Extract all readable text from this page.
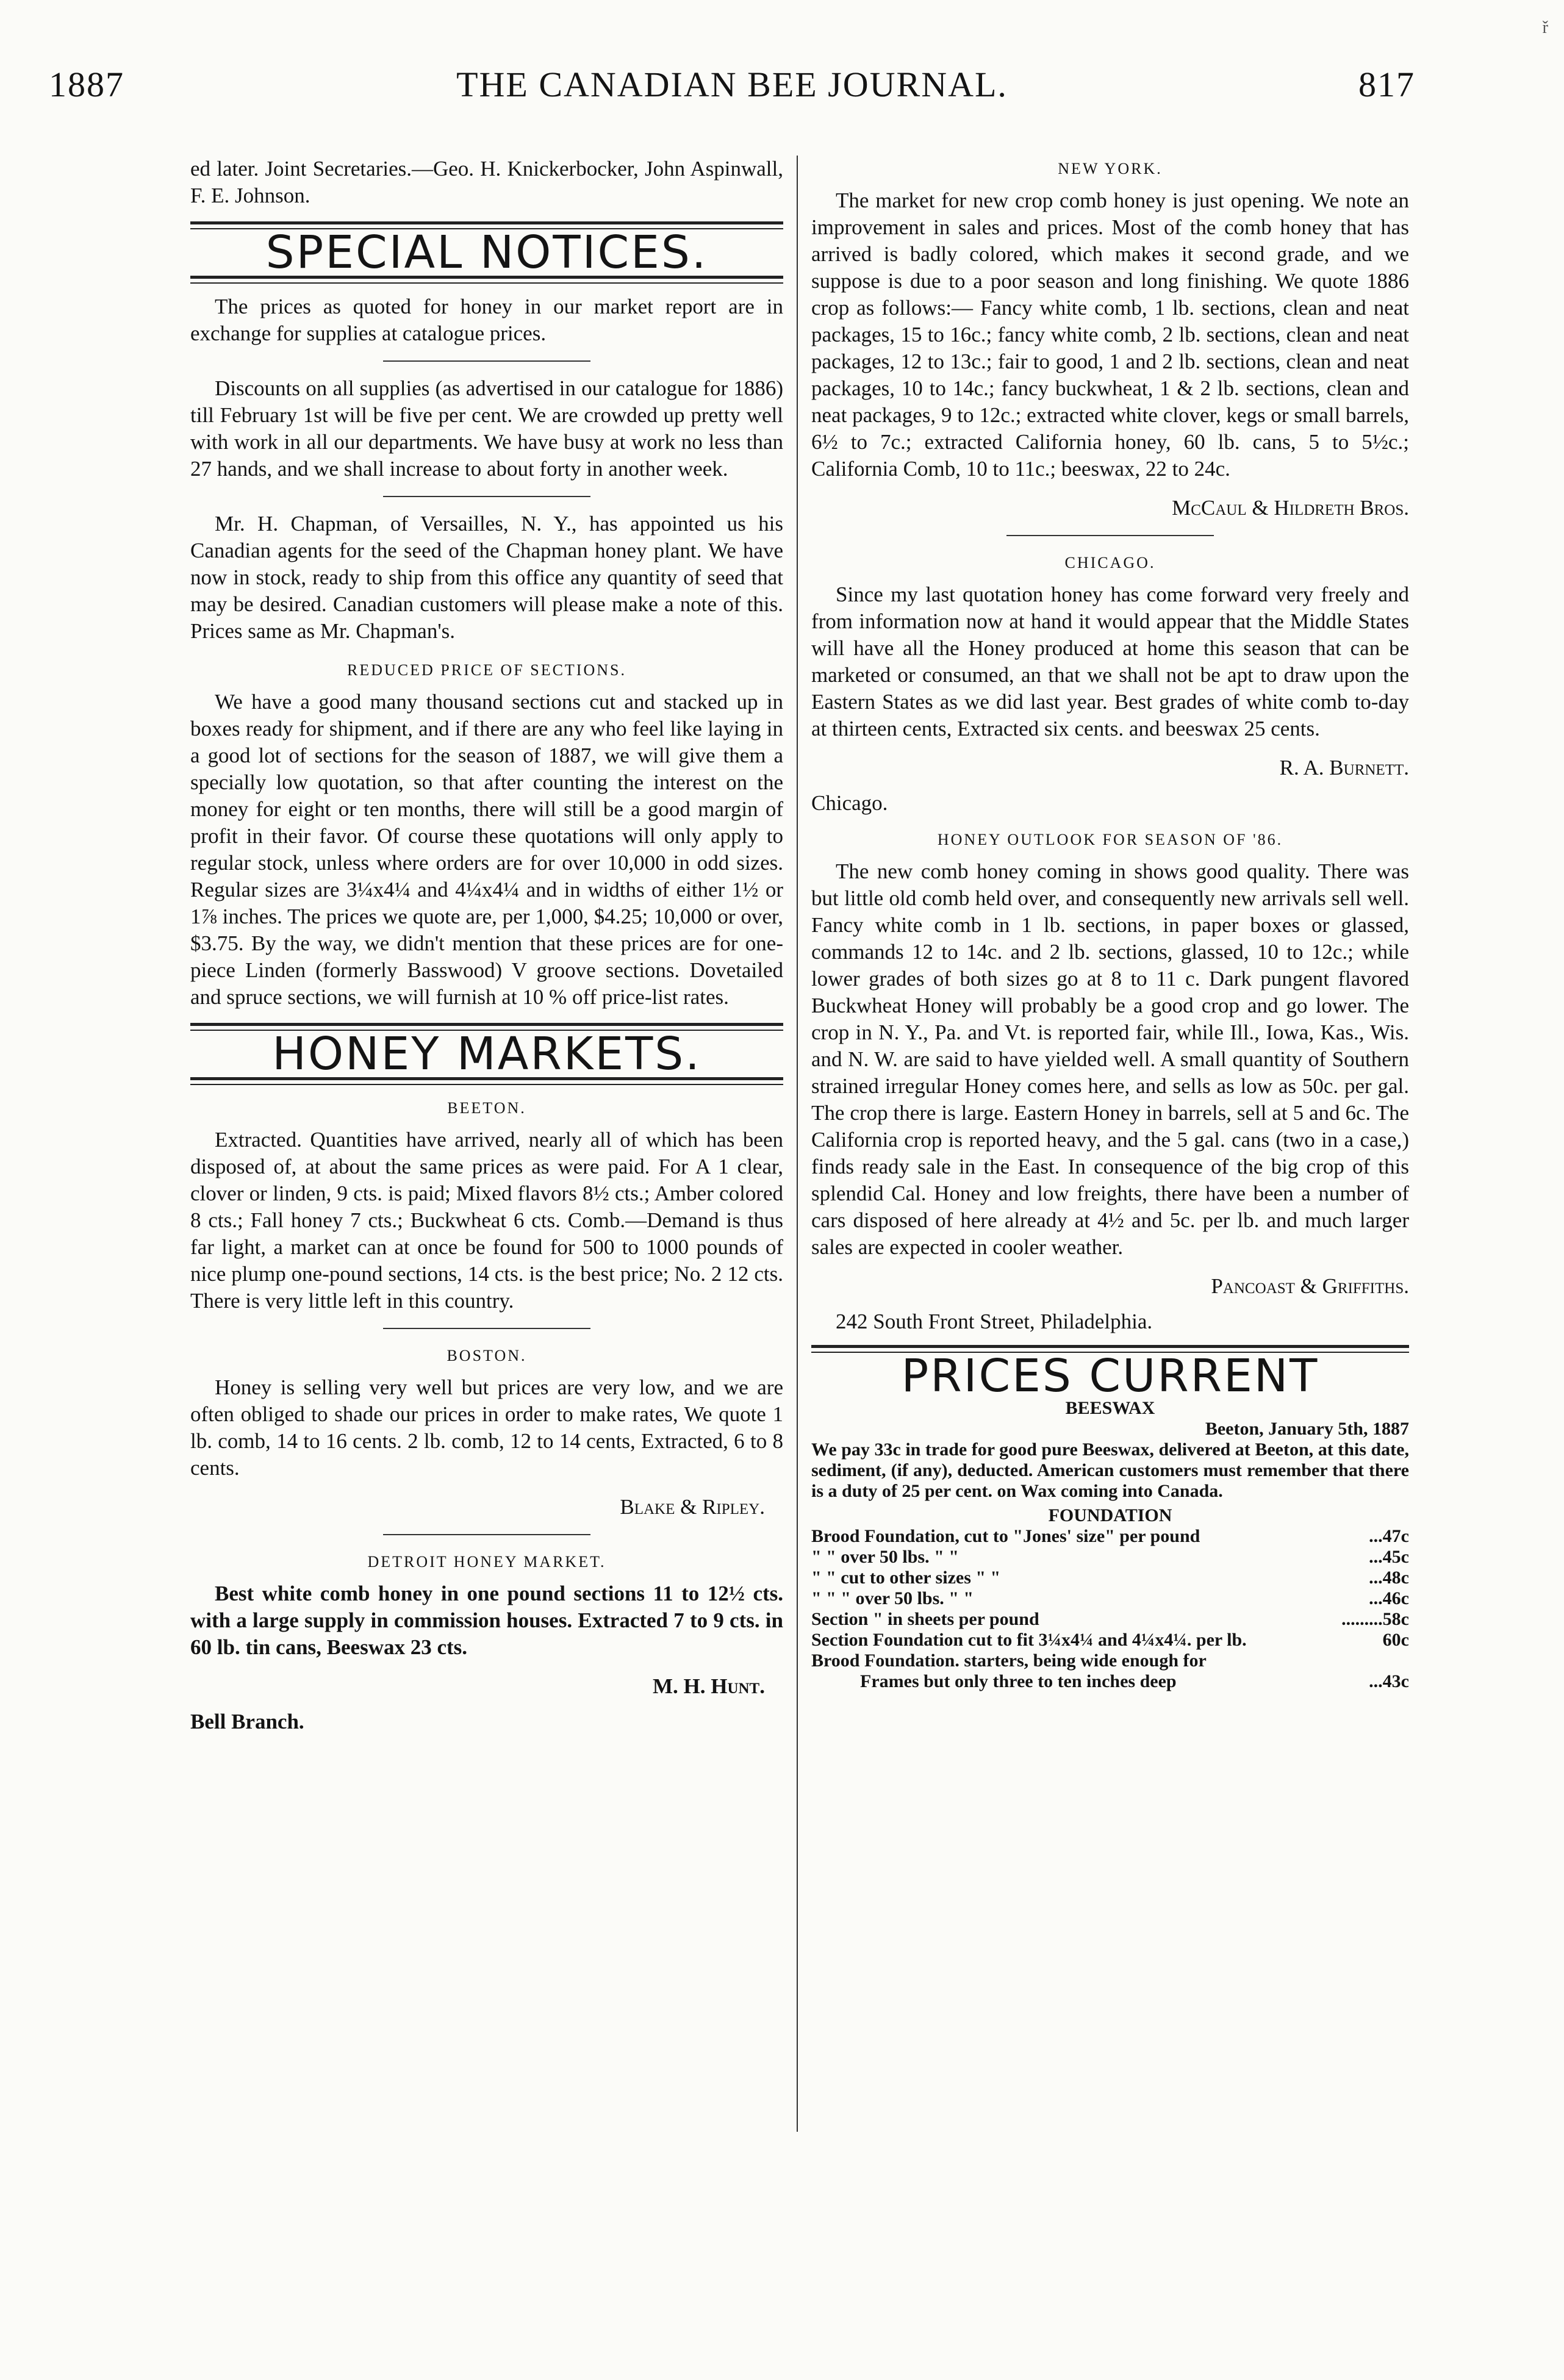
ř
1887	THE CANADIAN BEE JOURNAL.	817

ed later. Joint Secretaries.—Geo. H. Knickerbocker, John Aspinwall, F. E. Johnson.

SPECIAL NOTICES.

The prices as quoted for honey in our market report are in exchange for supplies at catalogue prices.

Discounts on all supplies (as advertised in our catalogue for 1886) till February 1st will be five per cent. We are crowded up pretty well with work in all our departments. We have busy at work no less than 27 hands, and we shall increase to about forty in another week.

Mr. H. Chapman, of Versailles, N. Y., has appointed us his Canadian agents for the seed of the Chapman honey plant. We have now in stock, ready to ship from this office any quantity of seed that may be desired. Canadian customers will please make a note of this. Prices same as Mr. Chapman's.

REDUCED PRICE OF SECTIONS.

We have a good many thousand sections cut and stacked up in boxes ready for shipment, and if there are any who feel like laying in a good lot of sections for the season of 1887, we will give them a specially low quotation, so that after counting the interest on the money for eight or ten months, there will still be a good margin of profit in their favor. Of course these quotations will only apply to regular stock, unless where orders are for over 10,000 in odd sizes. Regular sizes are 3¼x4¼ and 4¼x4¼ and in widths of either 1½ or 1⅞ inches. The prices we quote are, per 1,000, $4.25; 10,000 or over, $3.75. By the way, we didn't mention that these prices are for one-piece Linden (formerly Basswood) V groove sections. Dovetailed and spruce sections, we will furnish at 10 % off price-list rates.

HONEY MARKETS.
BEETON.

Extracted. Quantities have arrived, nearly all of which has been disposed of, at about the same prices as were paid. For A 1 clear, clover or linden, 9 cts. is paid; Mixed flavors 8½ cts.; Amber colored 8 cts.; Fall honey 7 cts.; Buckwheat 6 cts. Comb.—Demand is thus far light, a market can at once be found for 500 to 1000 pounds of nice plump one-pound sections, 14 cts. is the best price; No. 2 12 cts. There is very little left in this country.

BOSTON.

Honey is selling very well but prices are very low, and we are often obliged to shade our prices in order to make rates, We quote 1 lb. comb, 14 to 16 cents. 2 lb. comb, 12 to 14 cents, Extracted, 6 to 8 cents.

Blake & Ripley.

DETROIT HONEY MARKET.

Best white comb honey in one pound sections 11 to 12½ cts. with a large supply in commission houses. Extracted 7 to 9 cts. in 60 lb. tin cans, Beeswax 23 cts.

M. H. Hunt.

Bell Branch.

NEW YORK.

The market for new crop comb honey is just opening. We note an improvement in sales and prices. Most of the comb honey that has arrived is badly colored, which makes it second grade, and we suppose is due to a poor season and long finishing. We quote 1886 crop as follows:— Fancy white comb, 1 lb. sections, clean and neat packages, 15 to 16c.; fancy white comb, 2 lb. sections, clean and neat packages, 12 to 13c.; fair to good, 1 and 2 lb. sections, clean and neat packages, 10 to 14c.; fancy buckwheat, 1 & 2 lb. sections, clean and neat packages, 9 to 12c.; extracted white clover, kegs or small barrels, 6½ to 7c.; extracted California honey, 60 lb. cans, 5 to 5½c.; California Comb, 10 to 11c.; beeswax, 22 to 24c.

McCaul & Hildreth Bros.

CHICAGO.

Since my last quotation honey has come forward very freely and from information now at hand it would appear that the Middle States will have all the Honey produced at home this season that can be marketed or consumed, an that we shall not be apt to draw upon the Eastern States as we did last year. Best grades of white comb to-day at thirteen cents, Extracted six cents. and beeswax 25 cents.

R. A. Burnett.

Chicago.

HONEY OUTLOOK FOR SEASON OF '86.

The new comb honey coming in shows good quality. There was but little old comb held over, and consequently new arrivals sell well. Fancy white comb in 1 lb. sections, in paper boxes or glassed, commands 12 to 14c. and 2 lb. sections, glassed, 10 to 12c.; while lower grades of both sizes go at 8 to 11 c. Dark pungent flavored Buckwheat Honey will probably be a good crop and go lower. The crop in N. Y., Pa. and Vt. is reported fair, while Ill., Iowa, Kas., Wis. and N. W. are said to have yielded well. A small quantity of Southern strained irregular Honey comes here, and sells as low as 50c. per gal. The crop there is large. Eastern Honey in barrels, sell at 5 and 6c. The California crop is reported heavy, and the 5 gal. cans (two in a case,) finds ready sale in the East. In consequence of the big crop of this splendid Cal. Honey and low freights, there have been a number of cars disposed of here already at 4½ and 5c. per lb. and much larger sales are expected in cooler weather.

Pancoast & Griffiths.

242 South Front Street, Philadelphia.

PRICES CURRENT
BEESWAX
Beeton, January 5th, 1887

We pay 33c in trade for good pure Beeswax, delivered at Beeton, at this date, sediment, (if any), deducted. American customers must remember that there is a duty of 25 per cent. on Wax coming into Canada.

FOUNDATION
Brood Foundation, cut to "Jones' size" per pound	...47c
" " over 50 lbs. " "	...45c
" " cut to other sizes " "	...48c
" " " over 50 lbs. " "	...46c
Section " in sheets per pound	.........58c
Section Foundation cut to fit 3¼x4¼ and 4¼x4¼. per lb.	60c
Brood Foundation. starters, being wide enough for
Frames but only three to ten inches deep	...43c
